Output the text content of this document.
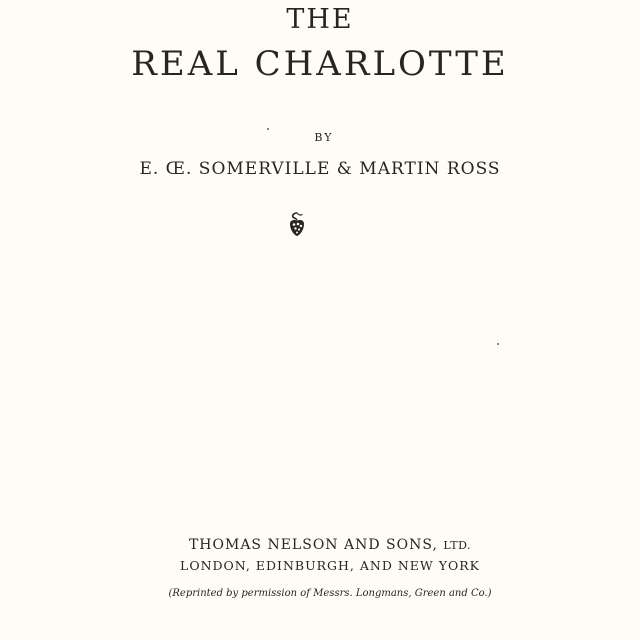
THE
REAL CHARLOTTE
BY
E. Œ. SOMERVILLE & MARTIN ROSS
THOMAS NELSON AND SONS, LTD.
LONDON, EDINBURGH, AND NEW YORK
(Reprinted by permission of Messrs. Longmans, Green and Co.)
